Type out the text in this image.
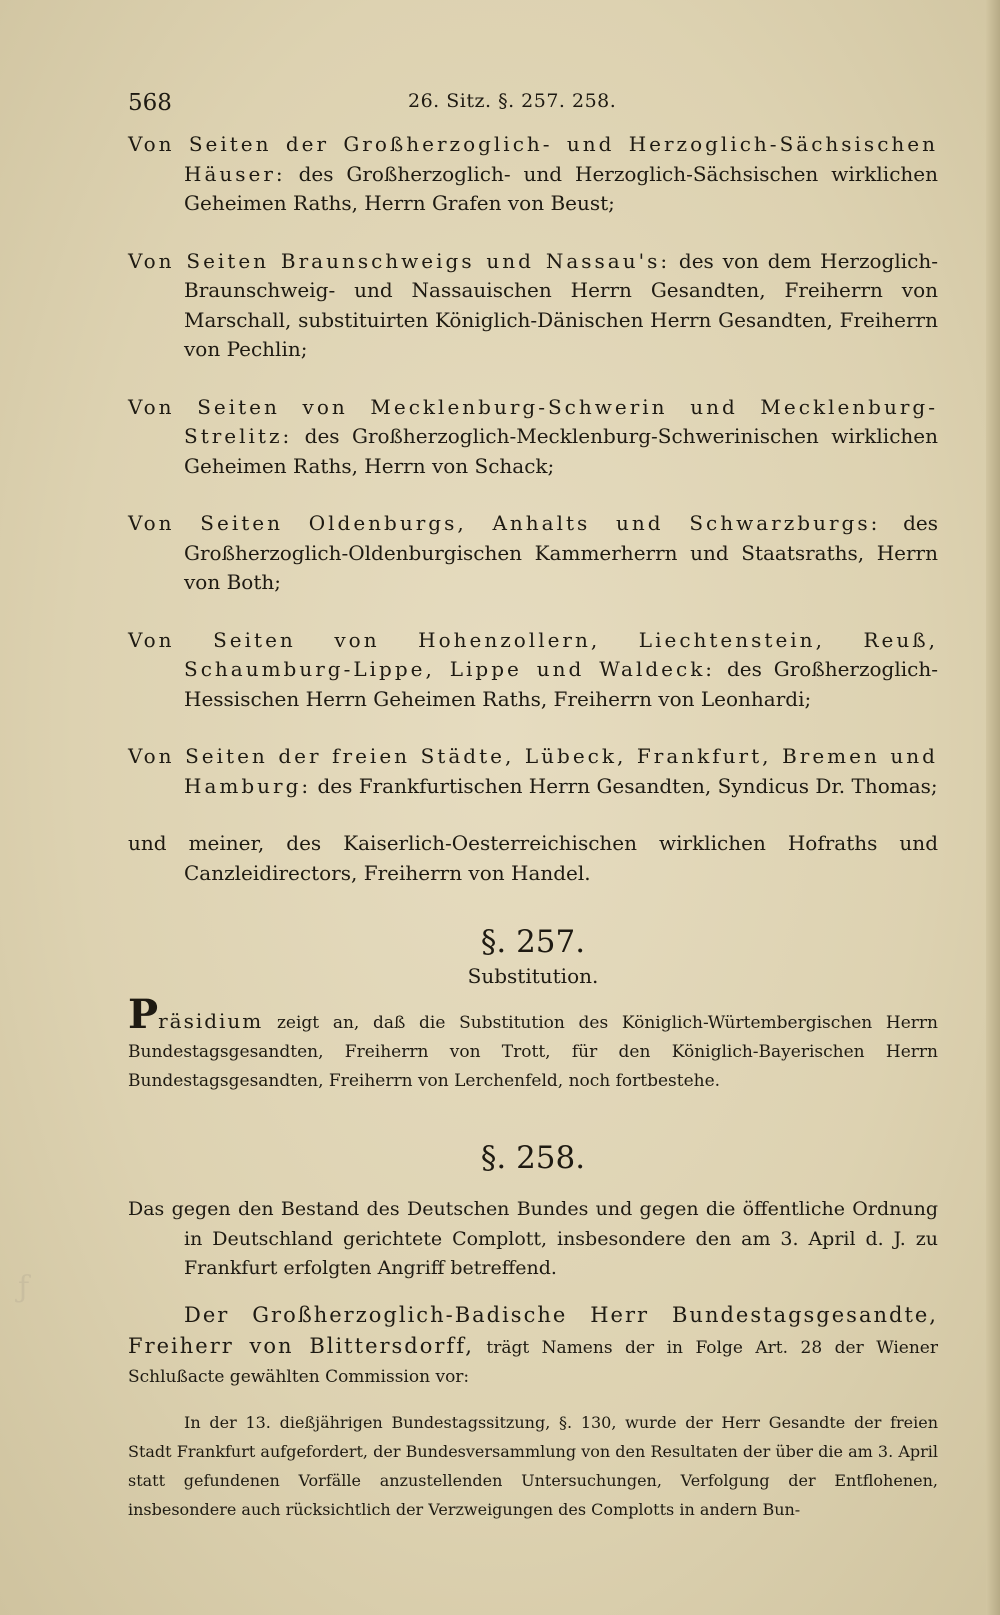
ƒ
568	26. Sitz. §. 257. 258.

Von Seiten der Großherzoglich- und Herzoglich-Sächsischen Häuser: des Großherzoglich- und Herzoglich-Sächsischen wirklichen Geheimen Raths, Herrn Grafen von Beust;

Von Seiten Braunschweigs und Nassau's: des von dem Herzoglich-Braunschweig- und Nassauischen Herrn Gesandten, Freiherrn von Marschall, substituirten Königlich-Dänischen Herrn Gesandten, Freiherrn von Pechlin;

Von Seiten von Mecklenburg-Schwerin und Mecklenburg-Strelitz: des Großherzoglich-Mecklenburg-Schwerinischen wirklichen Geheimen Raths, Herrn von Schack;

Von Seiten Oldenburgs, Anhalts und Schwarzburgs: des Großherzoglich-Oldenburgischen Kammerherrn und Staatsraths, Herrn von Both;

Von Seiten von Hohenzollern, Liechtenstein, Reuß, Schaumburg-Lippe, Lippe und Waldeck: des Großherzoglich-Hessischen Herrn Geheimen Raths, Freiherrn von Leonhardi;

Von Seiten der freien Städte, Lübeck, Frankfurt, Bremen und Hamburg: des Frankfurtischen Herrn Gesandten, Syndicus Dr. Thomas;

und meiner, des Kaiserlich-Oesterreichischen wirklichen Hofraths und Canzleidirectors, Freiherrn von Handel.

§. 257.
Substitution.

Präsidium zeigt an, daß die Substitution des Königlich-Würtembergischen Herrn Bundestagsgesandten, Freiherrn von Trott, für den Königlich-Bayerischen Herrn Bundestagsgesandten, Freiherrn von Lerchenfeld, noch fortbestehe.

§. 258.

Das gegen den Bestand des Deutschen Bundes und gegen die öffentliche Ordnung in Deutschland gerichtete Complott, insbesondere den am 3. April d. J. zu Frankfurt erfolgten Angriff betreffend.

Der Großherzoglich-Badische Herr Bundestagsgesandte, Freiherr von Blittersdorff, trägt Namens der in Folge Art. 28 der Wiener Schlußacte gewählten Commission vor:

In der 13. dießjährigen Bundestagssitzung, §. 130, wurde der Herr Gesandte der freien Stadt Frankfurt aufgefordert, der Bundesversammlung von den Resultaten der über die am 3. April statt gefundenen Vorfälle anzustellenden Untersuchungen, Verfolgung der Entflohenen, insbesondere auch rücksichtlich der Verzweigungen des Complotts in andern Bun-
